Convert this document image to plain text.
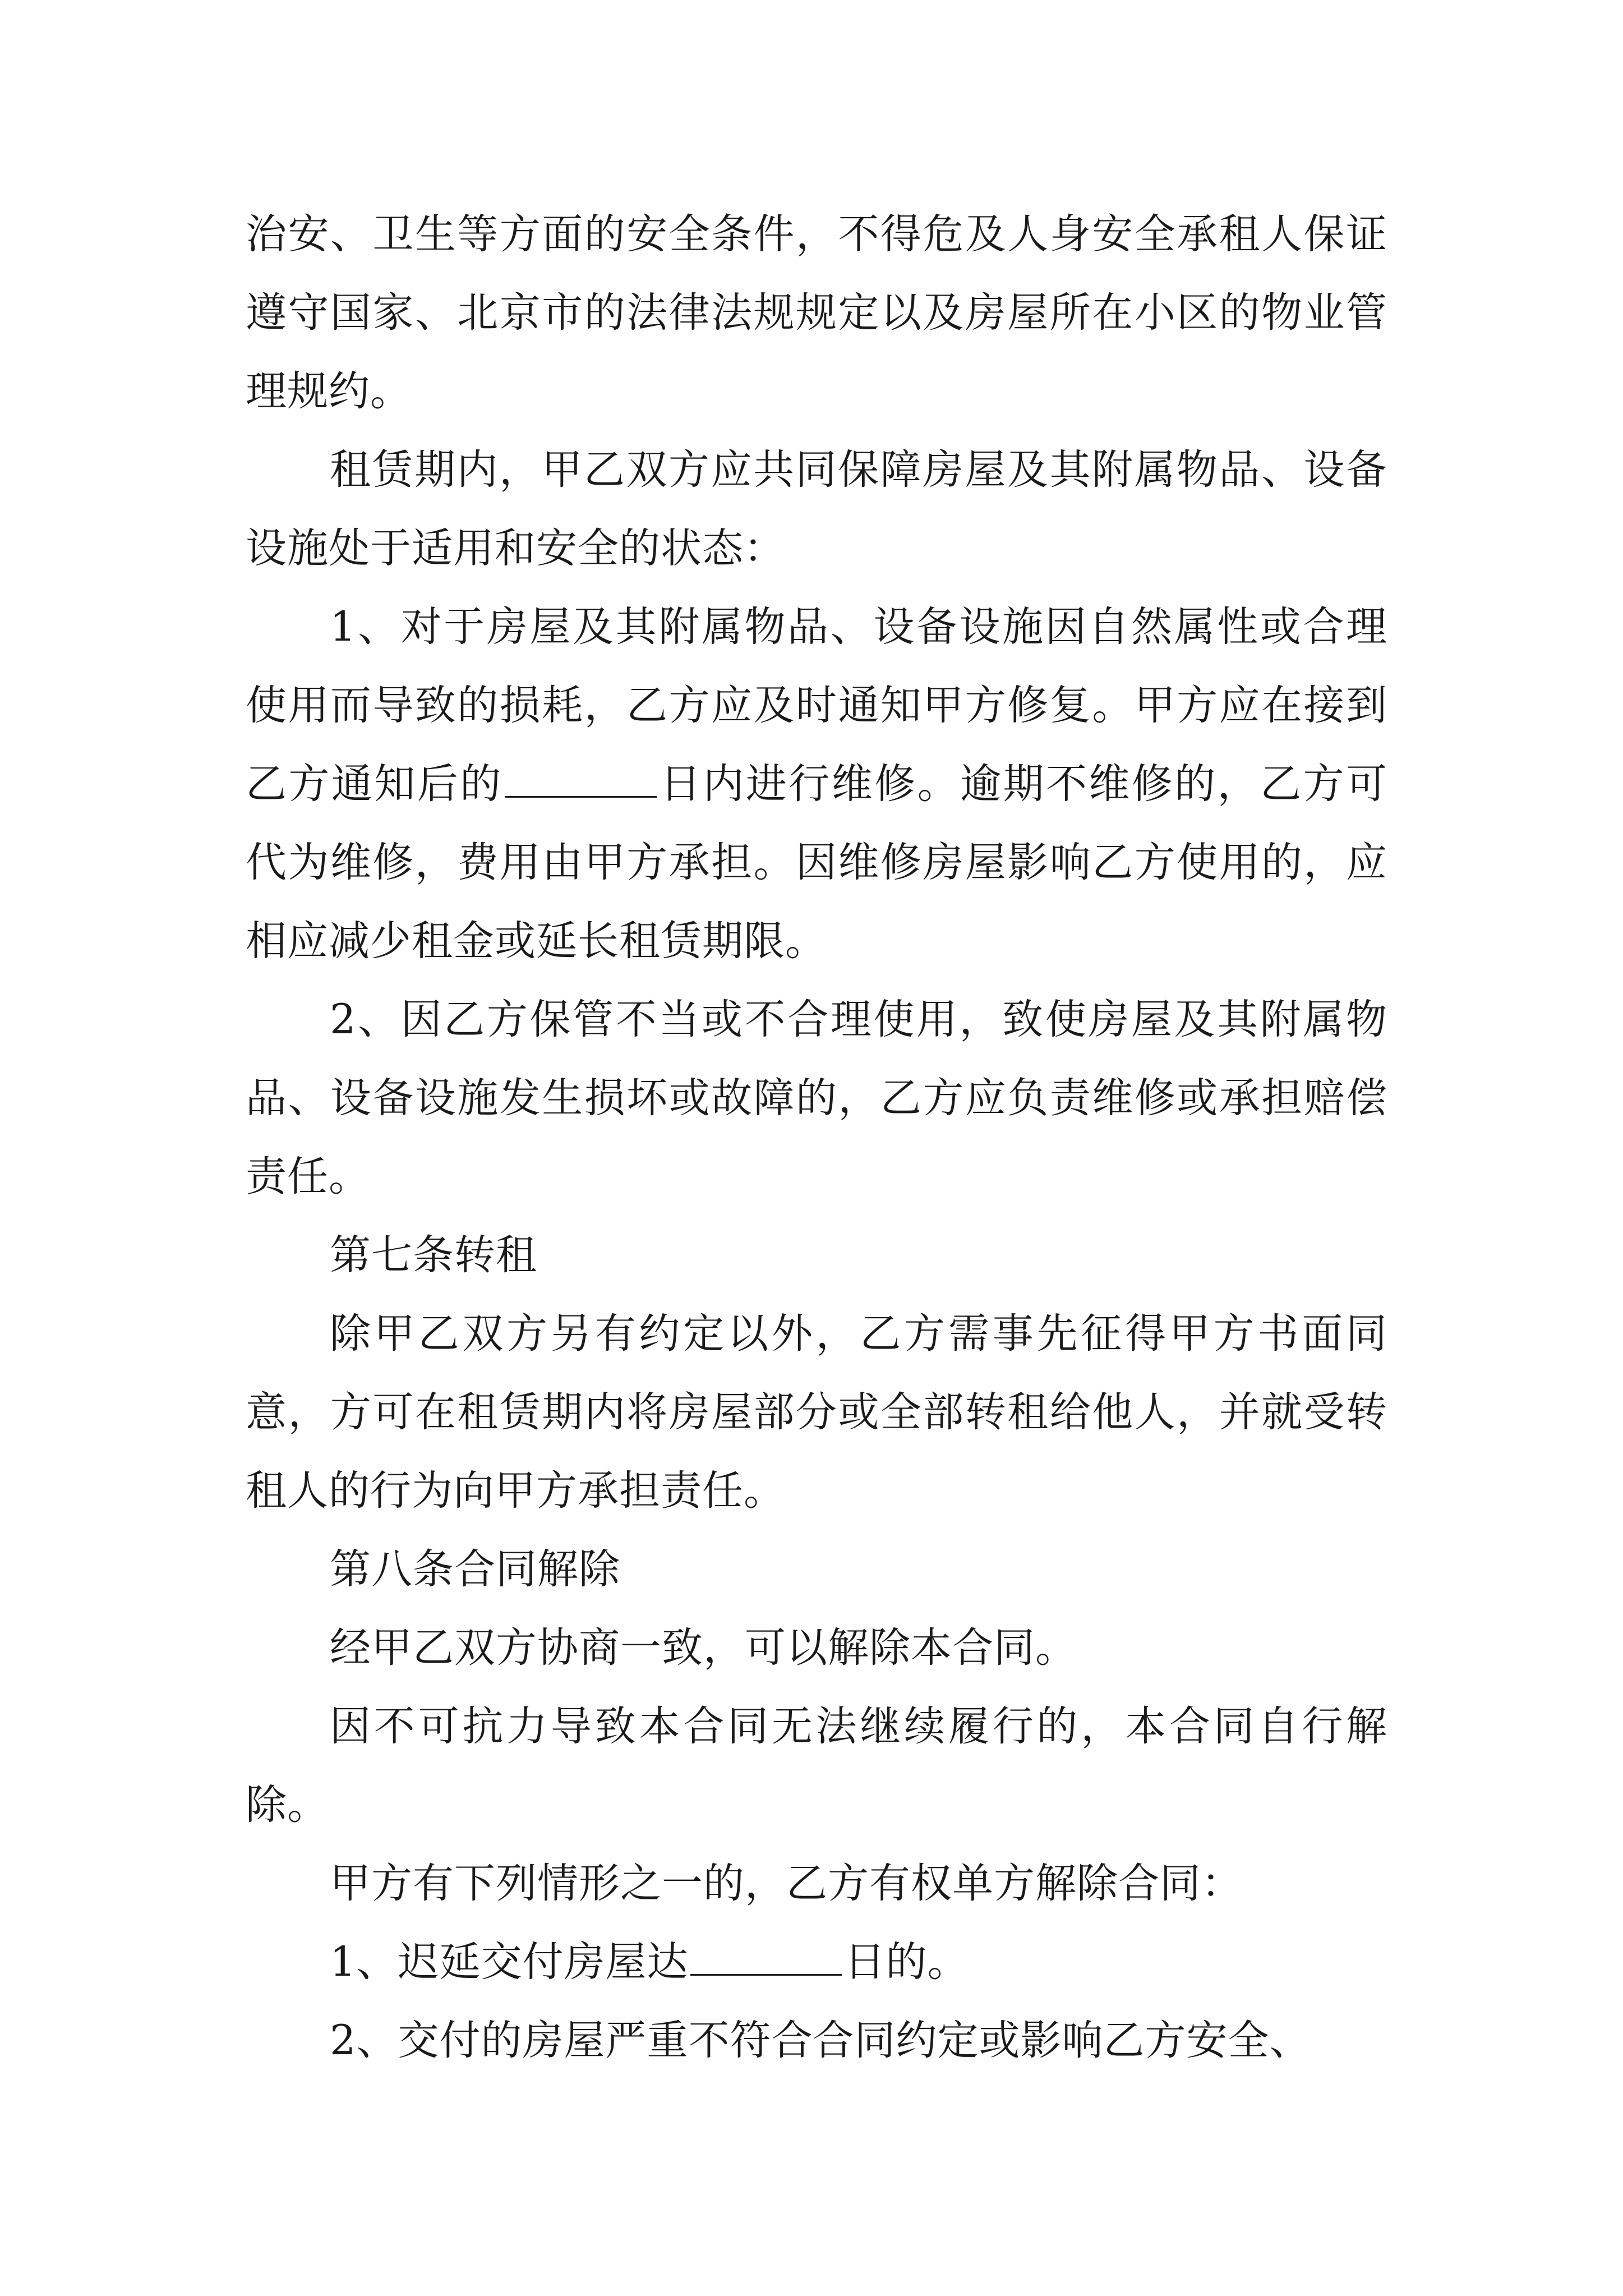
治安、卫生等方面的安全条件，不得危及人身安全承租人保证遵守国家、北京市的法律法规规定以及房屋所在小区的物业管理规约。

租赁期内，甲乙双方应共同保障房屋及其附属物品、设备设施处于适用和安全的状态：

1、对于房屋及其附属物品、设备设施因自然属性或合理使用而导致的损耗，乙方应及时通知甲方修复。甲方应在接到乙方通知后的	日内进行维修。逾期不维修的，乙方可代为维修，费用由甲方承担。因维修房屋影响乙方使用的，应相应减少租金或延长租赁期限。

2、因乙方保管不当或不合理使用，致使房屋及其附属物品、设备设施发生损坏或故障的，乙方应负责维修或承担赔偿责任。

第七条转租

除甲乙双方另有约定以外，乙方需事先征得甲方书面同意，方可在租赁期内将房屋部分或全部转租给他人，并就受转租人的行为向甲方承担责任。

第八条合同解除

经甲乙双方协商一致，可以解除本合同。

因不可抗力导致本合同无法继续履行的，本合同自行解除。

甲方有下列情形之一的，乙方有权单方解除合同：

1、迟延交付房屋达	日的。

2、交付的房屋严重不符合合同约定或影响乙方安全、
